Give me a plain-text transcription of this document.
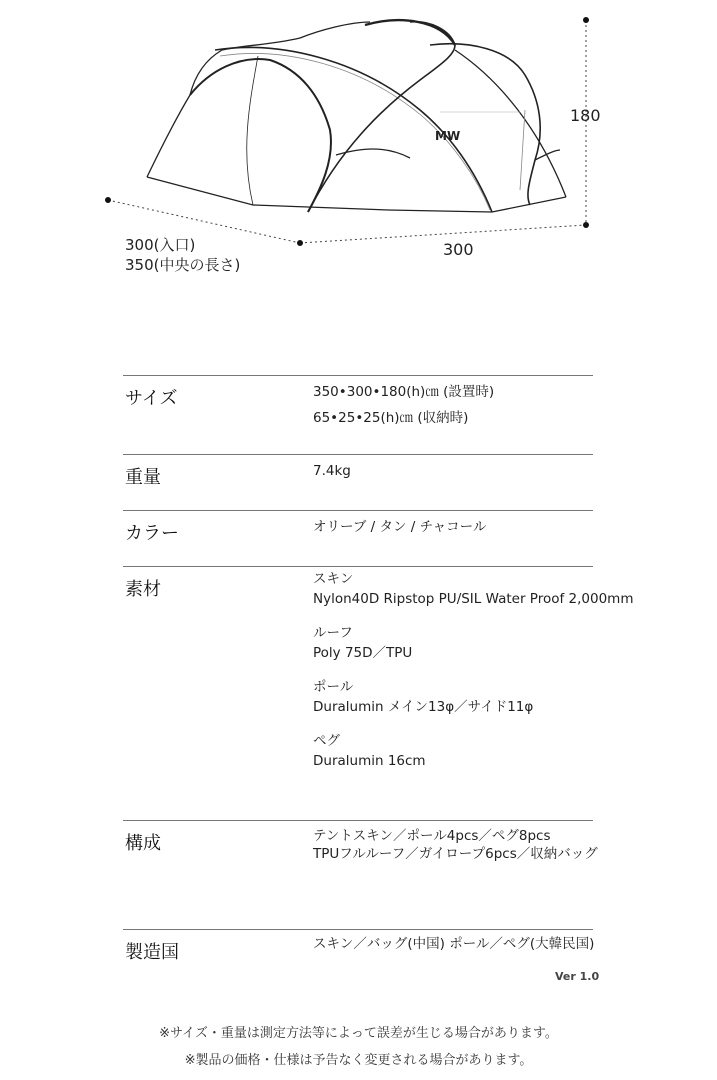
MW
180
300
300(入口)
350(中央の長さ)
サイズ	350•300•180(h)㎝ (設置時)
65•25•25(h)㎝ (収納時)
重量	7.4kg
カラー	オリーブ / タン / チャコール
素材	スキン
Nylon40D Ripstop PU/SIL Water Proof 2,000mm
ルーフ
Poly 75D／TPU
ポール
Duralumin メイン13φ／サイド11φ
ペグ
Duralumin 16cm
構成	テントスキン／ポール4pcs／ペグ8pcs
TPUフルルーフ／ガイロープ6pcs／収納バッグ
製造国	スキン／バッグ(中国) ポール／ペグ(大韓民国)
Ver 1.0
※サイズ・重量は測定方法等によって誤差が生じる場合があります。
※製品の価格・仕様は予告なく変更される場合があります。
